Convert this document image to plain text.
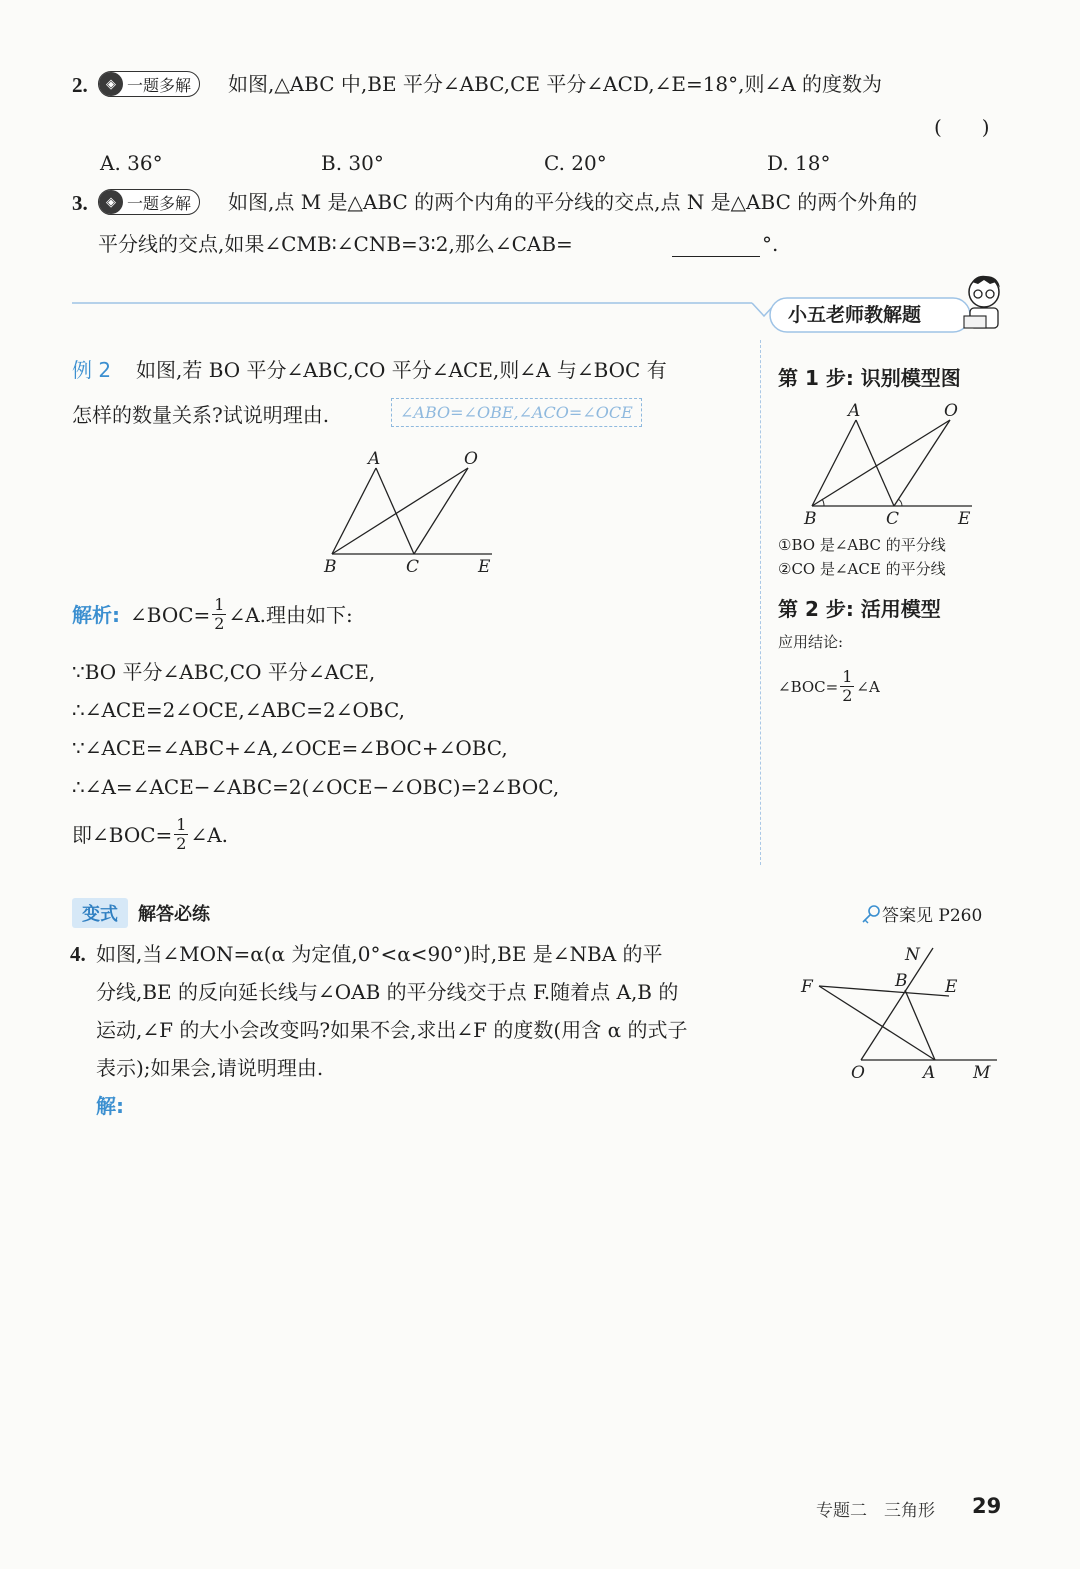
2.	◈ 一题多解 如图,△ABC 中,BE 平分∠ABC,CE 平分∠ACD,∠E=18°,则∠A 的度数为
(　　)
A. 36°	B. 30°	C. 20°	D. 18°
3.	◈ 一题多解 如图,点 M 是△ABC 的两个内角的平分线的交点,点 N 是△ABC 的两个外角的
平分线的交点,如果∠CMB∶∠CNB=3∶2,那么∠CAB=	°.
小五老师教解题
例 2 如图,若 BO 平分∠ABC,CO 平分∠ACE,则∠A 与∠BOC 有
怎样的数量关系?试说明理由.	∠ABO=∠OBE,∠ACO=∠OCE
A	O
B	C	E
解析: ∠BOC= $\frac{1}{2}$ ∠A.理由如下:
∵BO 平分∠ABC,CO 平分∠ACE,
∴∠ACE=2∠OCE,∠ABC=2∠OBC,
∵∠ACE=∠ABC+∠A,∠OCE=∠BOC+∠OBC,
∴∠A=∠ACE−∠ABC=2(∠OCE−∠OBC)=2∠BOC,
即∠BOC= $\frac{1}{2}$ ∠A.
第 1 步: 识别模型图
A	O
B	C	E
①BO 是∠ABC 的平分线
②CO 是∠ACE 的平分线
第 2 步: 活用模型
应用结论:
∠BOC= $\frac{1}{2}$ ∠A
变式	解答必练	答案见 P260
4. 如图,当∠MON=α(α 为定值,0°<α<90°)时,BE 是∠NBA 的平
分线,BE 的反向延长线与∠OAB 的平分线交于点 F.随着点 A,B 的
运动,∠F 的大小会改变吗?如果不会,求出∠F 的度数(用含 α 的式子
表示);如果会,请说明理由.
解:
N
F	B E
O	A M
专题二　三角形 29
